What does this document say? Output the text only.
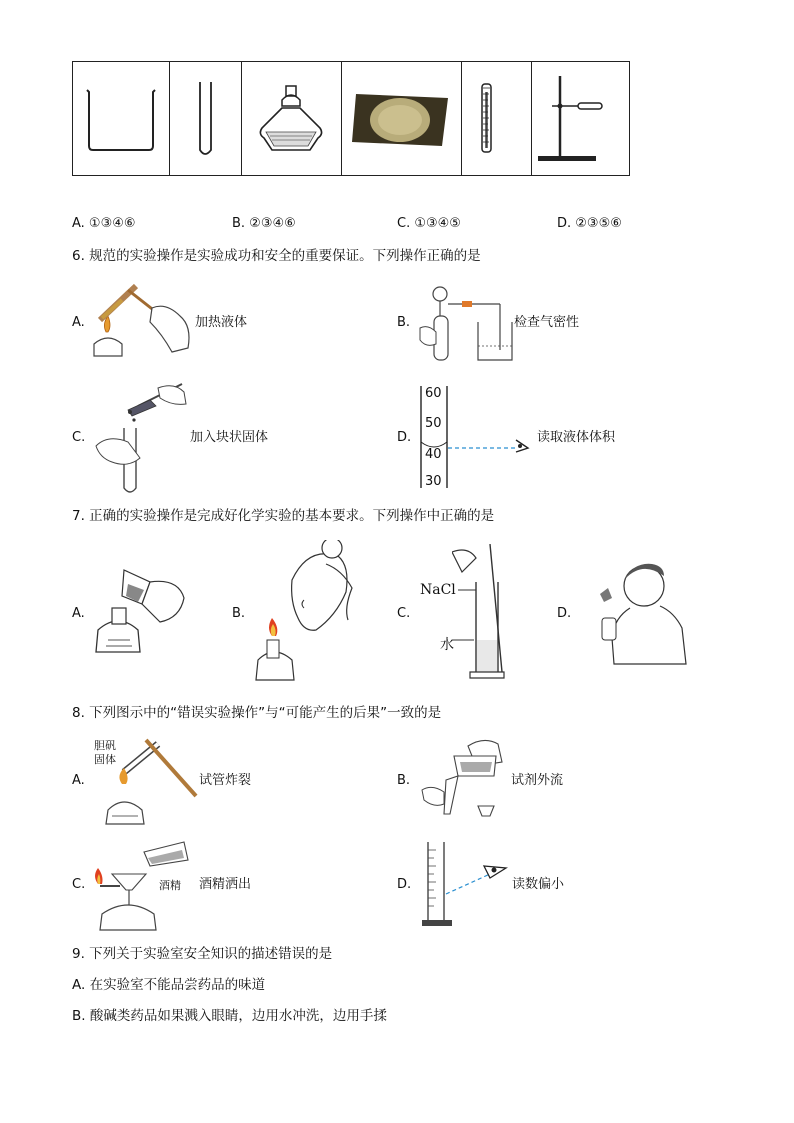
A. ①③④⑥	B. ②③④⑥	C. ①③④⑤	D. ②③⑤⑥
6. 规范的实验操作是实验成功和安全的重要保证。下列操作正确的是
A.	加热液体	B.	检查气密性
C.	加入块状固体	D.
60
50
40
30
读取液体体积
7. 正确的实验操作是完成好化学实验的基本要求。下列操作中正确的是
A.	B.	C.
NaCl
水
D.
8. 下列图示中的“错误实验操作”与“可能产生的后果”一致的是
A.
胆矾
固体
试管炸裂	B.	试剂外流
C.	酒精 酒精洒出	D.	读数偏小
9. 下列关于实验室安全知识的描述错误的是
A. 在实验室不能品尝药品的味道
B. 酸碱类药品如果溅入眼睛，边用水冲洗，边用手揉
